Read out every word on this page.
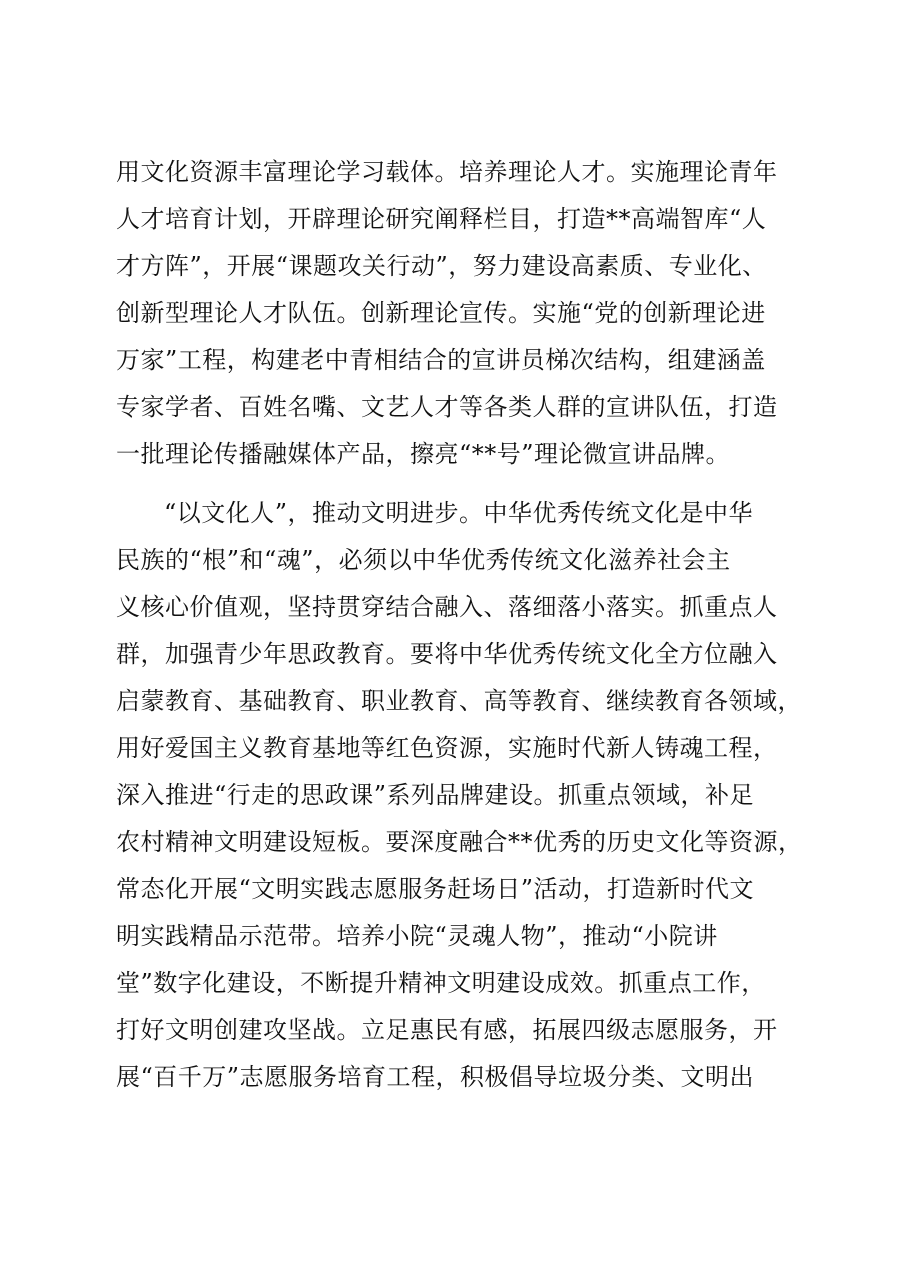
用文化资源丰富理论学习载体。培养理论人才。实施理论青年
人才培育计划，开辟理论研究阐释栏目，打造**高端智库“人
才方阵”，开展“课题攻关行动”，努力建设高素质、专业化、
创新型理论人才队伍。创新理论宣传。实施“党的创新理论进
万家”工程，构建老中青相结合的宣讲员梯次结构，组建涵盖
专家学者、百姓名嘴、文艺人才等各类人群的宣讲队伍，打造
一批理论传播融媒体产品，擦亮“**号”理论微宣讲品牌。
“以文化人”，推动文明进步。中华优秀传统文化是中华
民族的“根”和“魂”，必须以中华优秀传统文化滋养社会主
义核心价值观，坚持贯穿结合融入、落细落小落实。抓重点人
群，加强青少年思政教育。要将中华优秀传统文化全方位融入
启蒙教育、基础教育、职业教育、高等教育、继续教育各领域，
用好爱国主义教育基地等红色资源，实施时代新人铸魂工程，
深入推进“行走的思政课”系列品牌建设。抓重点领域，补足
农村精神文明建设短板。要深度融合**优秀的历史文化等资源，
常态化开展“文明实践志愿服务赶场日”活动，打造新时代文
明实践精品示范带。培养小院“灵魂人物”，推动“小院讲
堂”数字化建设，不断提升精神文明建设成效。抓重点工作，
打好文明创建攻坚战。立足惠民有感，拓展四级志愿服务，开
展“百千万”志愿服务培育工程，积极倡导垃圾分类、文明出
